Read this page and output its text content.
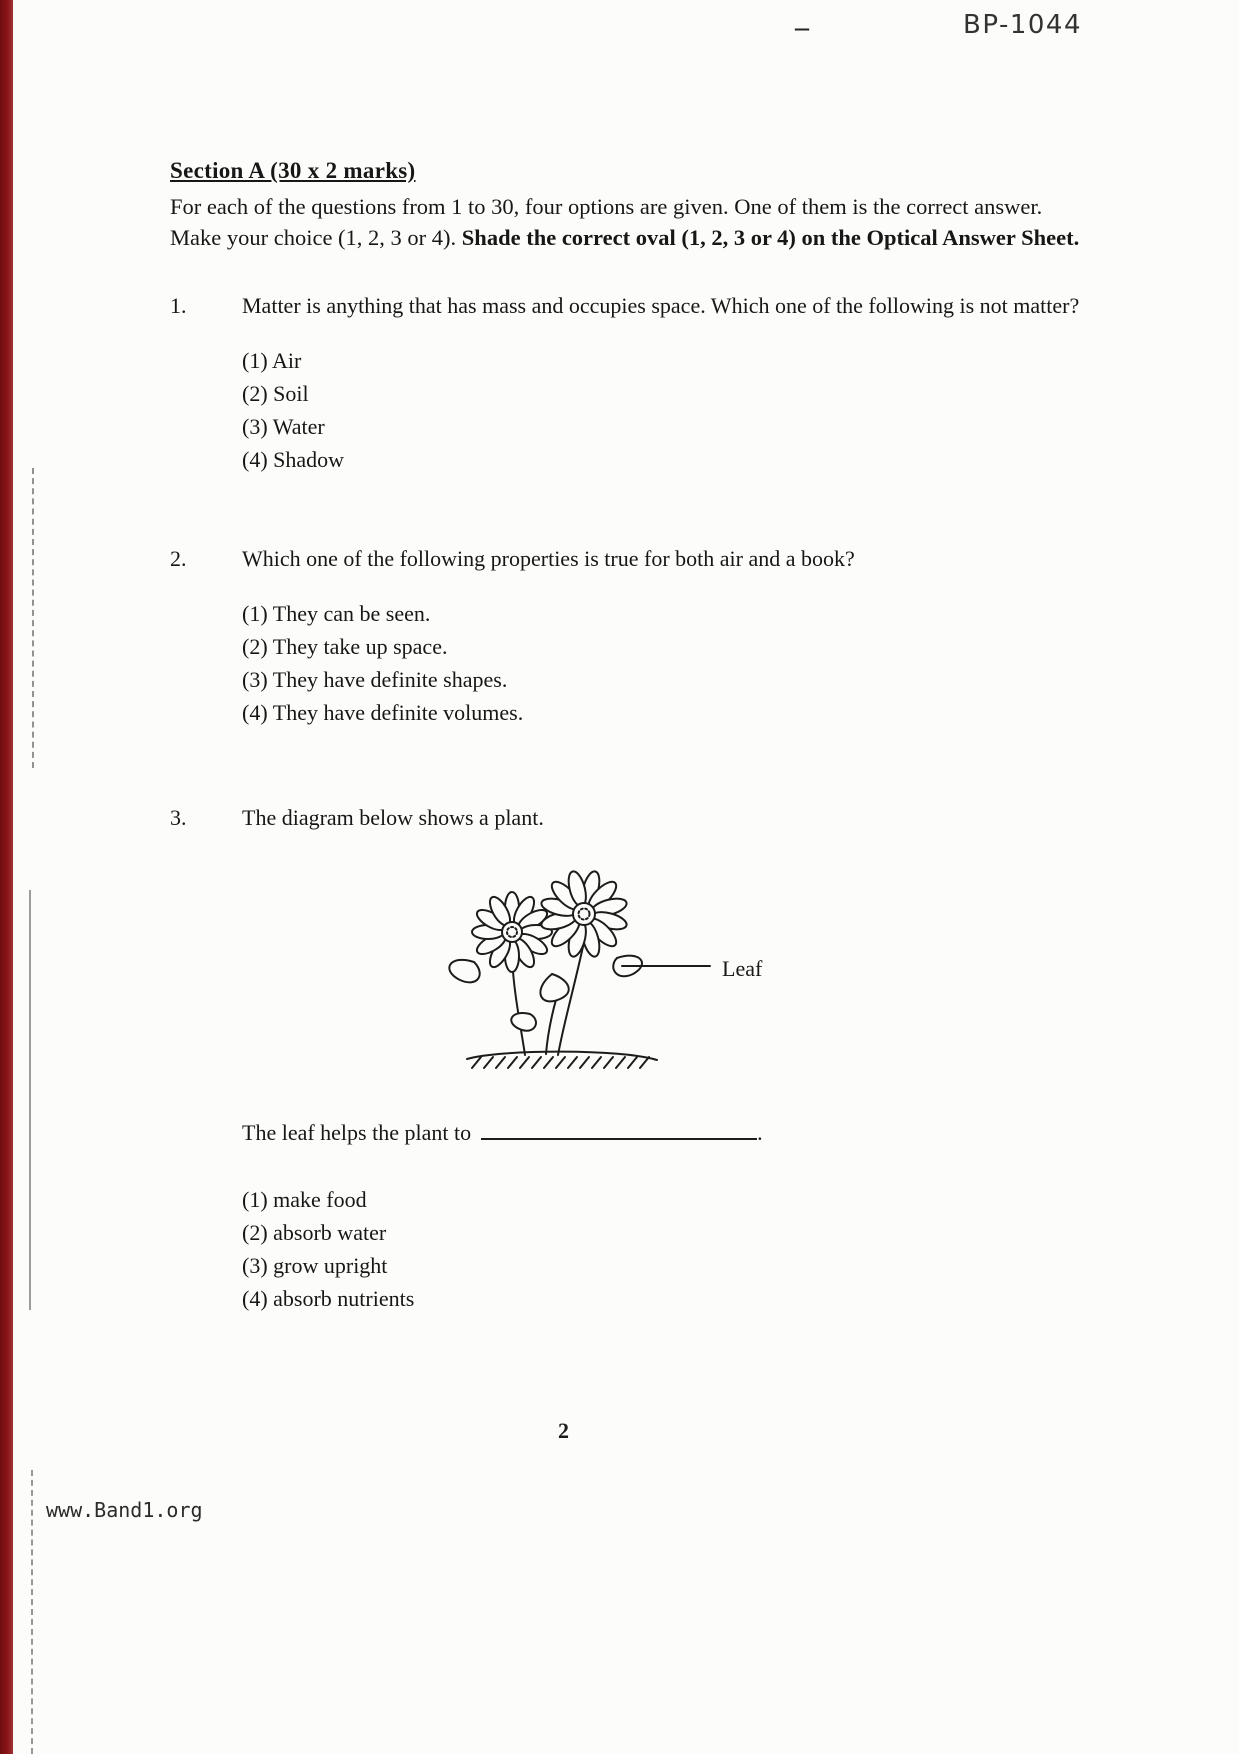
–	BP-1044
Section A (30 x 2 marks)
For each of the questions from 1 to 30, four options are given. One of them is the correct answer. Make your choice (1, 2, 3 or 4). Shade the correct oval (1, 2, 3 or 4) on the Optical Answer Sheet.
1.	Matter is anything that has mass and occupies space. Which one of the following is not matter?
(1) Air
(2) Soil
(3) Water
(4) Shadow
2.	Which one of the following properties is true for both air and a book?
(1) They can be seen.
(2) They take up space.
(3) They have definite shapes.
(4) They have definite volumes.
3.	The diagram below shows a plant.
Leaf
The leaf helps the plant to	.
(1) make food
(2) absorb water
(3) grow upright
(4) absorb nutrients
2
www.Band1.org
